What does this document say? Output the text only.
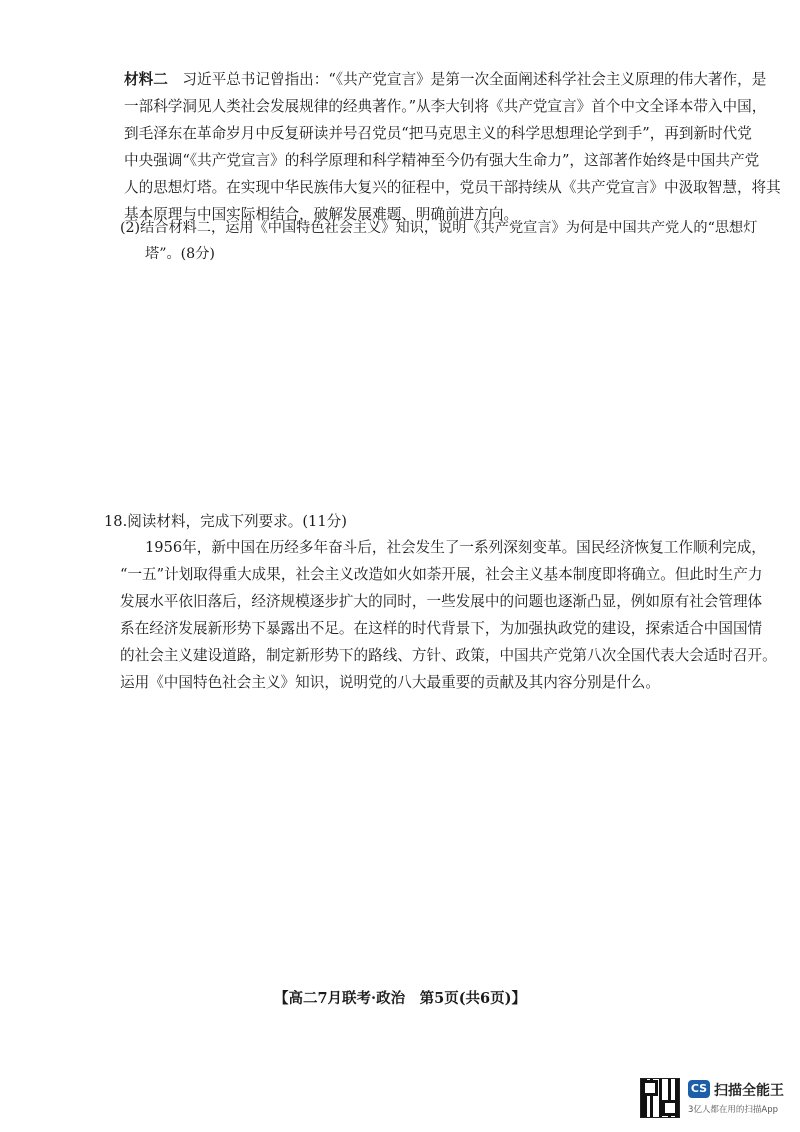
材料二　 习近平总书记曾指出：“《共产党宣言》是第一次全面阐述科学社会主义原理的伟大著作，是
一部科学洞见人类社会发展规律的经典著作。”从李大钊将《共产党宣言》首个中文全译本带入中国，
到毛泽东在革命岁月中反复研读并号召党员“把马克思主义的科学思想理论学到手”，再到新时代党
中央强调“《共产党宣言》的科学原理和科学精神至今仍有强大生命力”，这部著作始终是中国共产党
人的思想灯塔。在实现中华民族伟大复兴的征程中，党员干部持续从《共产党宣言》中汲取智慧，将其
基本原理与中国实际相结合，破解发展难题、明确前进方向。
(2)结合材料二，运用《中国特色社会主义》知识，说明《共产党宣言》为何是中国共产党人的“思想灯
塔”。(8分)
18.阅读材料，完成下列要求。(11分)
1956年，新中国在历经多年奋斗后，社会发生了一系列深刻变革。国民经济恢复工作顺利完成，
“一五”计划取得重大成果，社会主义改造如火如荼开展，社会主义基本制度即将确立。但此时生产力
发展水平依旧落后，经济规模逐步扩大的同时，一些发展中的问题也逐渐凸显，例如原有社会管理体
系在经济发展新形势下暴露出不足。在这样的时代背景下，为加强执政党的建设，探索适合中国国情
的社会主义建设道路，制定新形势下的路线、方针、政策，中国共产党第八次全国代表大会适时召开。
运用《中国特色社会主义》知识，说明党的八大最重要的贡献及其内容分别是什么。
【高二7月联考·政治　第5页(共6页)】
CS 扫描全能王
3亿人都在用的扫描App
